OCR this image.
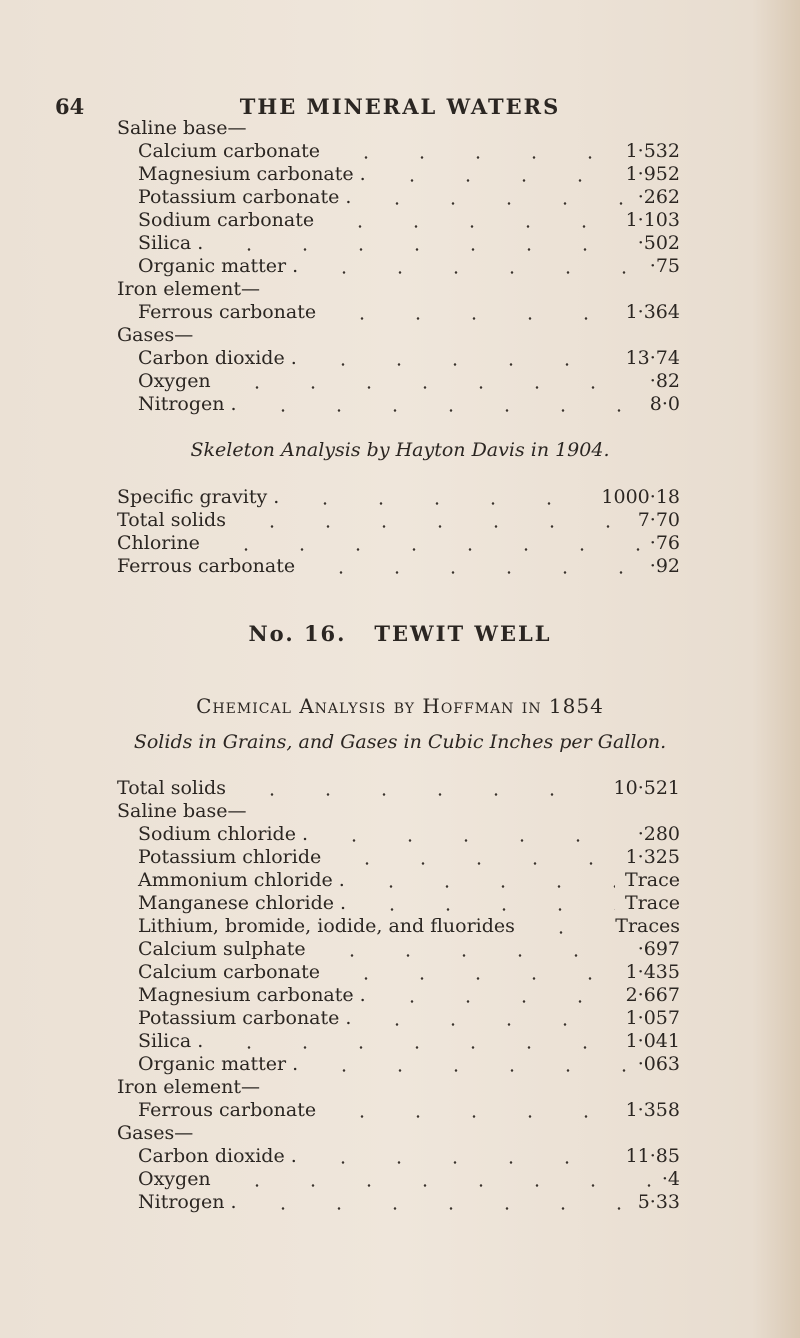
64	THE MINERAL WATERS
Saline base—
Calcium carbonate	1·532
Magnesium carbonate .	1·952
Potassium carbonate .	·262
Sodium carbonate	1·103
Silica .	·502
Organic matter .	·75
Iron element—
Ferrous carbonate	1·364
Gases—
Carbon dioxide .	13·74
Oxygen	·82
Nitrogen .	8·0
Skeleton Analysis by Hayton Davis in 1904.
Specific gravity .	1000·18
Total solids	7·70
Chlorine	·76
Ferrous carbonate	·92
No. 16.   TEWIT WELL
Chemical Analysis by Hoffman in 1854
Solids in Grains, and Gases in Cubic Inches per Gallon.
Total solids	10·521
Saline base—
Sodium chloride .	·280
Potassium chloride	1·325
Ammonium chloride .	Trace
Manganese chloride .	Trace
Lithium, bromide, iodide, and fluorides	Traces
Calcium sulphate	·697
Calcium carbonate	1·435
Magnesium carbonate .	2·667
Potassium carbonate .	1·057
Silica .	1·041
Organic matter .	·063
Iron element—
Ferrous carbonate	1·358
Gases—
Carbon dioxide .	11·85
Oxygen	·4
Nitrogen .	5·33
